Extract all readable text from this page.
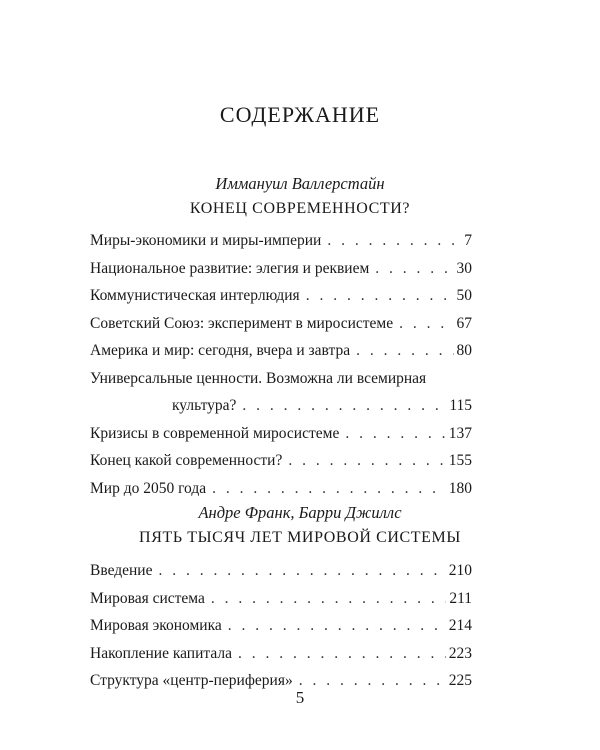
СОДЕРЖАНИЕ
Иммануил Валлерстайн
КОНЕЦ СОВРЕМЕННОСТИ?
Миры-экономики и миры-империи . . .	7
Национальное развитие: элегия и реквием . . .	30
Коммунистическая интерлюдия . . .	50
Советский Союз: эксперимент в миросистеме . . .	67
Америка и мир: сегодня, вчера и завтра . . .	80
Универсальные ценности. Возможна ли всемирная
культура? . . .	115
Кризисы в современной миросистеме . . .	137
Конец какой современности? . . .	155
Мир до 2050 года . . .	180
Андре Франк, Барри Джиллс
ПЯТЬ ТЫСЯЧ ЛЕТ МИРОВОЙ СИСТЕМЫ
Введение . . .	210
Мировая система . . .	211
Мировая экономика . . .	214
Накопление капитала . . .	223
Структура «центр-периферия» . . .	225
5
